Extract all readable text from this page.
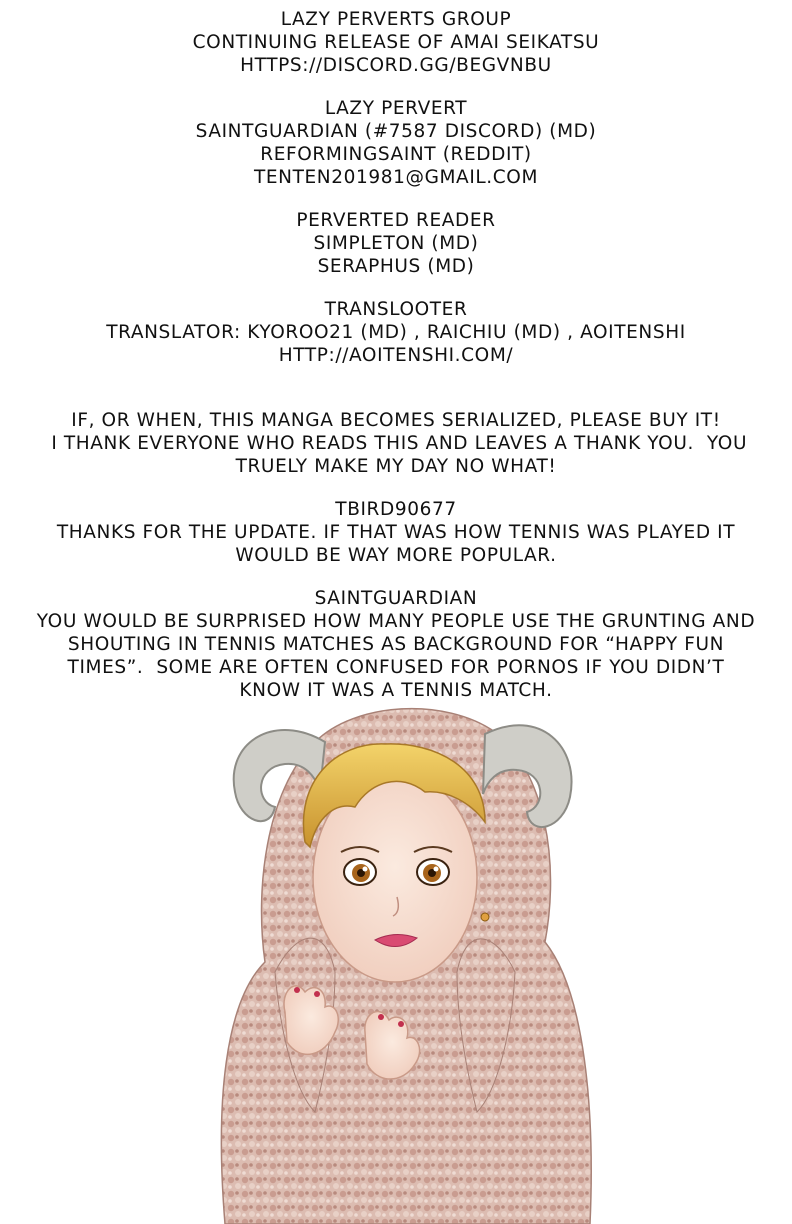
LAZY PERVERTS GROUP
CONTINUING RELEASE OF AMAI SEIKATSU
HTTPS://DISCORD.GG/BEGVNBU
LAZY PERVERT
SAINTGUARDIAN (#7587 DISCORD) (MD)
REFORMINGSAINT (REDDIT)
TENTEN201981@GMAIL.COM
PERVERTED READER
SIMPLETON (MD)
SERAPHUS (MD)
TRANSLOOTER
TRANSLATOR: KYOROO21 (MD) , RAICHIU (MD) , AOITENSHI
HTTP://AOITENSHI.COM/
IF, OR WHEN, THIS MANGA BECOMES SERIALIZED, PLEASE BUY IT!
I THANK EVERYONE WHO READS THIS AND LEAVES A THANK YOU.  YOU
TRUELY MAKE MY DAY NO WHAT!
TBIRD90677
THANKS FOR THE UPDATE. IF THAT WAS HOW TENNIS WAS PLAYED IT
WOULD BE WAY MORE POPULAR.
SAINTGUARDIAN
YOU WOULD BE SURPRISED HOW MANY PEOPLE USE THE GRUNTING AND
SHOUTING IN TENNIS MATCHES AS BACKGROUND FOR “HAPPY FUN
TIMES”.  SOME ARE OFTEN CONFUSED FOR PORNOS IF YOU DIDN’T
KNOW IT WAS A TENNIS MATCH.
